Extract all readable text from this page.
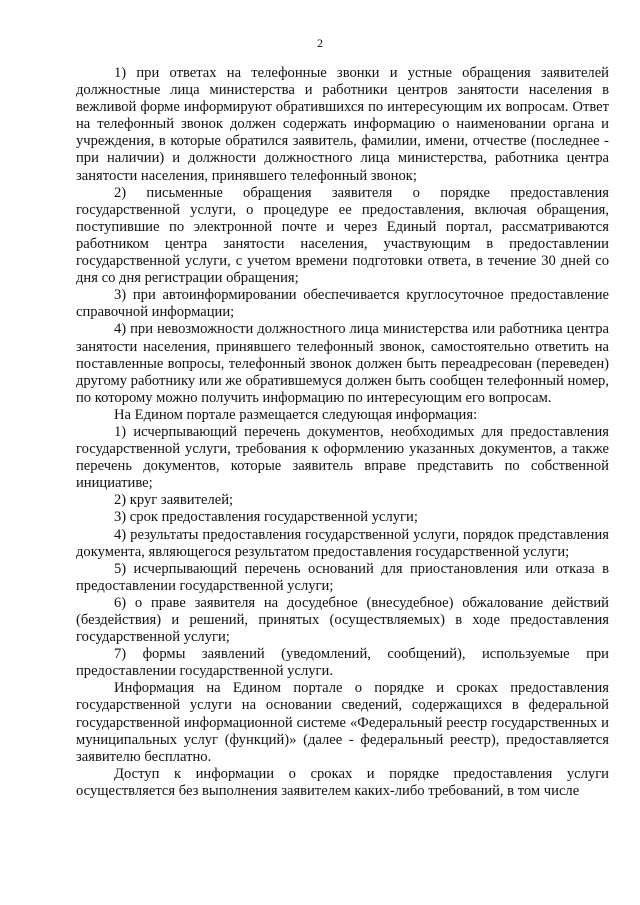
2

1) при ответах на телефонные звонки и устные обращения заявителей должностные лица министерства и работники центров занятости населения в вежливой форме информируют обратившихся по интересующим их вопросам. Ответ на телефонный звонок должен содержать информацию о наименовании органа и учреждения, в которые обратился заявитель, фамилии, имени, отчестве (последнее - при наличии) и должности должностного лица министерства, работника центра занятости населения, принявшего телефонный звонок;

2) письменные обращения заявителя о порядке предоставления государственной услуги, о процедуре ее предоставления, включая обращения, поступившие по электронной почте и через Единый портал, рассматриваются работником центра занятости населения, участвующим в предоставлении государственной услуги, с учетом времени подготовки ответа, в течение 30 дней со дня со дня регистрации обращения;

3) при автоинформировании обеспечивается круглосуточное предоставление справочной информации;

4) при невозможности должностного лица министерства или работника центра занятости населения, принявшего телефонный звонок, самостоятельно ответить на поставленные вопросы, телефонный звонок должен быть переадресован (переведен) другому работнику или же обратившемуся должен быть сообщен телефонный номер, по которому можно получить информацию по интересующим его вопросам.

На Едином портале размещается следующая информация:

1) исчерпывающий перечень документов, необходимых для предоставления государственной услуги, требования к оформлению указанных документов, а также перечень документов, которые заявитель вправе представить по собственной инициативе;

2) круг заявителей;

3) срок предоставления государственной услуги;

4) результаты предоставления государственной услуги, порядок представления документа, являющегося результатом предоставления государственной услуги;

5) исчерпывающий перечень оснований для приостановления или отказа в предоставлении государственной услуги;

6) о праве заявителя на досудебное (внесудебное) обжалование действий (бездействия) и решений, принятых (осуществляемых) в ходе предоставления государственной услуги;

7) формы заявлений (уведомлений, сообщений), используемые при предоставлении государственной услуги.

Информация на Едином портале о порядке и сроках предоставления государственной услуги на основании сведений, содержащихся в федеральной государственной информационной системе «Федеральный реестр государственных и муниципальных услуг (функций)» (далее - федеральный реестр), предоставляется заявителю бесплатно.

Доступ к информации о сроках и порядке предоставления услуги осуществляется без выполнения заявителем каких-либо требований, в том числе
